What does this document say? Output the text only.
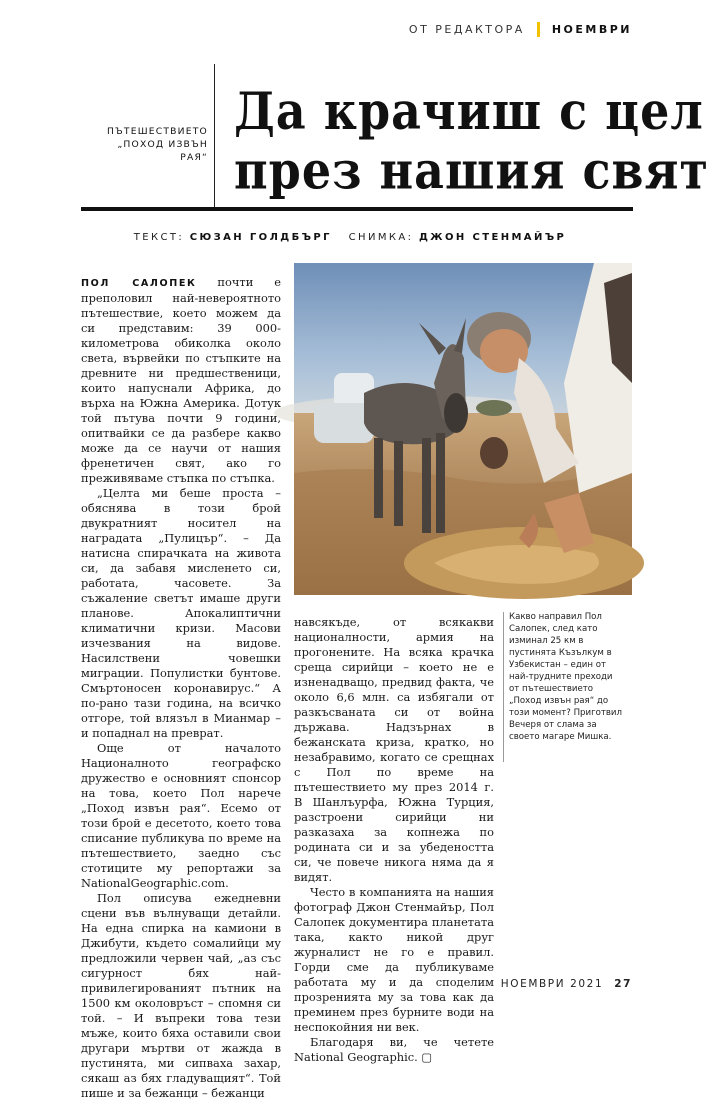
ОТ РЕДАКТОРА НОЕМВРИ
ПЪТЕШЕСТВИЕТО
„ПОХОД ИЗВЪН РАЯ“
Да крачиш с цел
през нашия свят
ТЕКСТ: СЮЗАН ГОЛДБЪРГ СНИМКА: ДЖОН СТЕНМАЙЪР

ПОЛ САЛОПЕК почти е преполовил най-невероятното пътешествие, което можем да си представим: 39 000-километрова обиколка около света, вървейки по стъпките на древните ни предшественици, които напуснали Африка, до върха на Южна Америка. Дотук той пътува почти 9 години, опитвайки се да разбере какво може да се научи от нашия френетичен свят, ако го преживяваме стъпка по стъпка.

„Целта ми беше проста – обяснява в този брой двукратният носител на наградата „Пулицър“. – Да натисна спирачката на живота си, да забавя мисленето си, работата, часовете. За съжаление светът имаше други планове. Апокалиптични климатични кризи. Масови изчезвания на видове. Насилствени човешки миграции. Популистки бунтове. Смъртоносен коронавирус.“ А по-рано тази година, на всичко отгоре, той влязъл в Мианмар – и попаднал на преврат.

Още от началото Националното географско дружество е основният спонсор на това, което Пол нарече „Поход извън рая“. Есемо от този брой е десетото, което това списание публикува по време на пътешествието, заедно със стотиците му репортажи за NationalGeographic.com.

Пол описува ежедневни сцени във вълнуващи детайли. На една спирка на камиони в Джибути, където сомалийци му предложили червен чай, „аз със сигурност бях най-привилегированият пътник на 1500 км околовръст – спомня си той. – И въпреки това тези мъже, които бяха оставили свои другари мъртви от жажда в пустинята, ми сипваха захар, сякаш аз бях гладуващият“. Той пише и за бежанци – бежанци

навсякъде, от всякакви националности, армия на прогонените. На всяка крачка среща сирийци – което не е изненадващо, предвид факта, че около 6,6 млн. са избягали от разкъсваната си от война държава. Надзърнах в бежанската криза, кратко, но незабравимо, когато се срещнах с Пол по време на пътешествието му през 2014 г. В Шанлъурфа, Южна Турция, разстроени сирийци ни разказаха за копнежа по родината си и за убедеността си, че повече никога няма да я видят.

Често в компанията на нашия фотограф Джон Стенмайър, Пол Салопек документира планетата така, както никой друг журналист не го е правил. Горди сме да публикуваме работата му и да споделим прозренията му за това как да преминем през бурните води на неспокойния ни век.

Благодаря ви, че четете National Geographic. ▢

Какво направил Пол Салопек, след като изминал 25 км в пустинята Къзълкум в Узбекистан – един от най-трудните преходи от пътешествието „Поход извън рая“ до този момент? Приготвил Вечеря от слама за своето магаре Мишка.
НОЕМВРИ 2021 27
